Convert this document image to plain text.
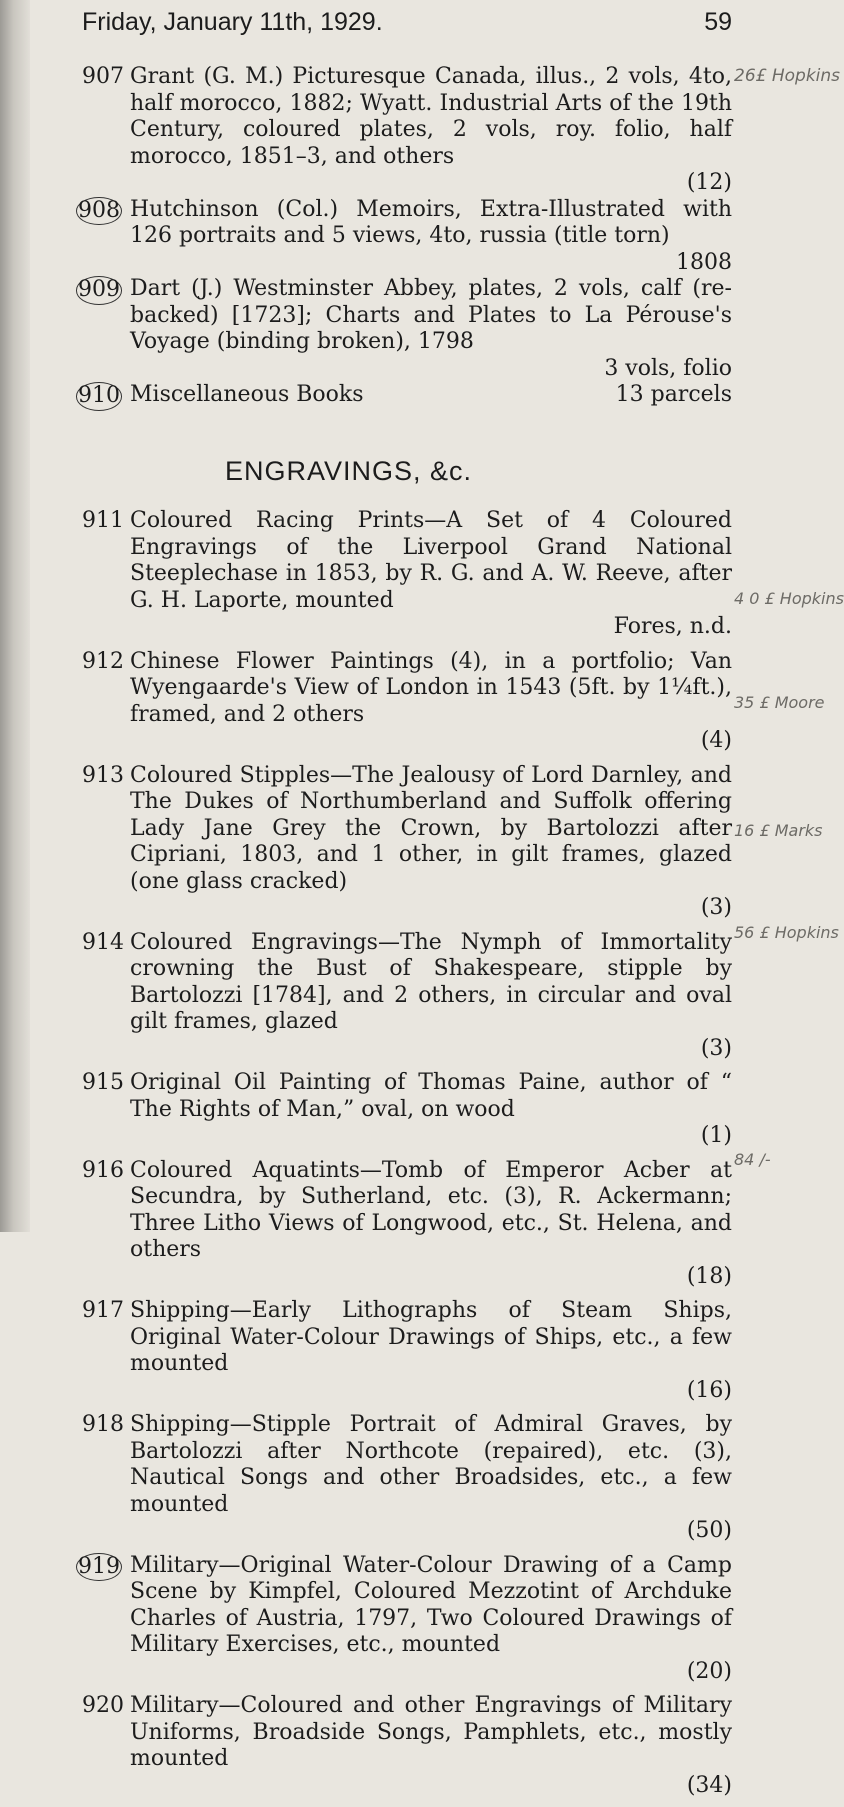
Friday, January 11th, 1929.	59
907 Grant (G. M.) Picturesque Canada, illus., 2 vols, 4to, half morocco, 1882; Wyatt. Industrial Arts of the 19th Century, coloured plates, 2 vols, roy. folio, half morocco, 1851–3, and others
(12)
908 Hutchinson (Col.) Memoirs, Extra-Illustrated with 126 portraits and 5 views, 4to, russia (title torn)
1808
909 Dart (J.) Westminster Abbey, plates, 2 vols, calf (re-backed) [1723]; Charts and Plates to La Pérouse's Voyage (binding broken), 1798
3 vols, folio
910 Miscellaneous Books	13 parcels
ENGRAVINGS, &c.
911 Coloured Racing Prints—A Set of 4 Coloured Engravings of the Liverpool Grand National Steeplechase in 1853, by R. G. and A. W. Reeve, after G. H. Laporte, mounted
Fores, n.d.
912 Chinese Flower Paintings (4), in a portfolio; Van Wyengaarde's View of London in 1543 (5ft. by 1¼ft.), framed, and 2 others
(4)
913 Coloured Stipples—The Jealousy of Lord Darnley, and The Dukes of Northumberland and Suffolk offering Lady Jane Grey the Crown, by Bartolozzi after Cipriani, 1803, and 1 other, in gilt frames, glazed (one glass cracked)
(3)
914 Coloured Engravings—The Nymph of Immortality crowning the Bust of Shakespeare, stipple by Bartolozzi [1784], and 2 others, in circular and oval gilt frames, glazed
(3)
915 Original Oil Painting of Thomas Paine, author of “ The Rights of Man,” oval, on wood
(1)
916 Coloured Aquatints—Tomb of Emperor Acber at Secundra, by Sutherland, etc. (3), R. Ackermann; Three Litho Views of Longwood, etc., St. Helena, and others
(18)
917 Shipping—Early Lithographs of Steam Ships, Original Water-Colour Drawings of Ships, etc., a few mounted
(16)
918 Shipping—Stipple Portrait of Admiral Graves, by Bartolozzi after Northcote (repaired), etc. (3), Nautical Songs and other Broadsides, etc., a few mounted
(50)
919 Military—Original Water-Colour Drawing of a Camp Scene by Kimpfel, Coloured Mezzotint of Archduke Charles of Austria, 1797, Two Coloured Drawings of Military Exercises, etc., mounted
(20)
920 Military—Coloured and other Engravings of Military Uniforms, Broadside Songs, Pamphlets, etc., mostly mounted
(34)
26£ Hopkins
4 0 £ Hopkins
35 £ Moore
16 £ Marks
56 £ Hopkins
84 /-
